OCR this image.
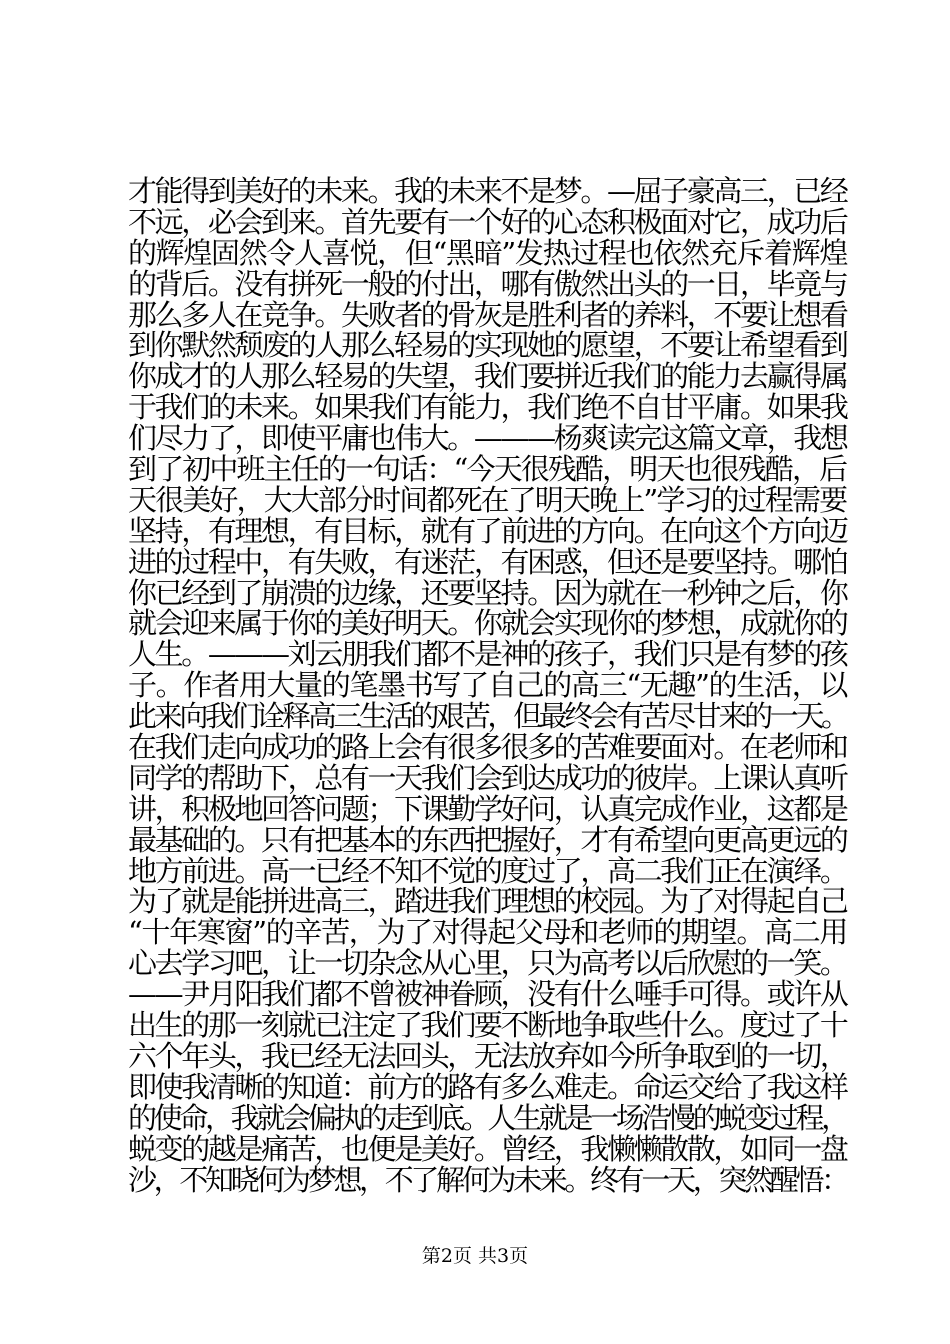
才能得到美好的未来。我的未来不是梦。—屈子豪高三，已经
不远，必会到来。首先要有一个好的心态积极面对它，成功后
的辉煌固然令人喜悦，但“黑暗”发热过程也依然充斥着辉煌
的背后。没有拼死一般的付出，哪有傲然出头的一日，毕竟与
那么多人在竞争。失败者的骨灰是胜利者的养料，不要让想看
到你默然颓废的人那么轻易的实现她的愿望，不要让希望看到
你成才的人那么轻易的失望，我们要拼近我们的能力去赢得属
于我们的未来。如果我们有能力，我们绝不自甘平庸。如果我
们尽力了，即使平庸也伟大。———杨爽读完这篇文章，我想
到了初中班主任的一句话：“今天很残酷，明天也很残酷，后
天很美好，大大部分时间都死在了明天晚上”学习的过程需要
坚持，有理想，有目标，就有了前进的方向。在向这个方向迈
进的过程中，有失败，有迷茫，有困惑，但还是要坚持。哪怕
你已经到了崩溃的边缘，还要坚持。因为就在一秒钟之后，你
就会迎来属于你的美好明天。你就会实现你的梦想，成就你的
人生。———刘云朋我们都不是神的孩子，我们只是有梦的孩
子。作者用大量的笔墨书写了自己的高三“无趣”的生活，以
此来向我们诠释高三生活的艰苦，但最终会有苦尽甘来的一天。
在我们走向成功的路上会有很多很多的苦难要面对。在老师和
同学的帮助下，总有一天我们会到达成功的彼岸。上课认真听
讲，积极地回答问题；下课勤学好问，认真完成作业，这都是
最基础的。只有把基本的东西把握好，才有希望向更高更远的
地方前进。高一已经不知不觉的度过了，高二我们正在演绎。
为了就是能拼进高三，踏进我们理想的校园。为了对得起自己
“十年寒窗”的辛苦，为了对得起父母和老师的期望。高二用
心去学习吧，让一切杂念从心里，只为高考以后欣慰的一笑。
——尹月阳我们都不曾被神眷顾，没有什么唾手可得。或许从
出生的那一刻就已注定了我们要不断地争取些什么。度过了十
六个年头，我已经无法回头，无法放弃如今所争取到的一切，
即使我清晰的知道：前方的路有多么难走。命运交给了我这样
的使命，我就会偏执的走到底。人生就是一场浩慢的蜕变过程，
蜕变的越是痛苦，也便是美好。曾经，我懒懒散散，如同一盘
沙，不知晓何为梦想，不了解何为未来。终有一天，突然醒悟：
第2页 共3页
